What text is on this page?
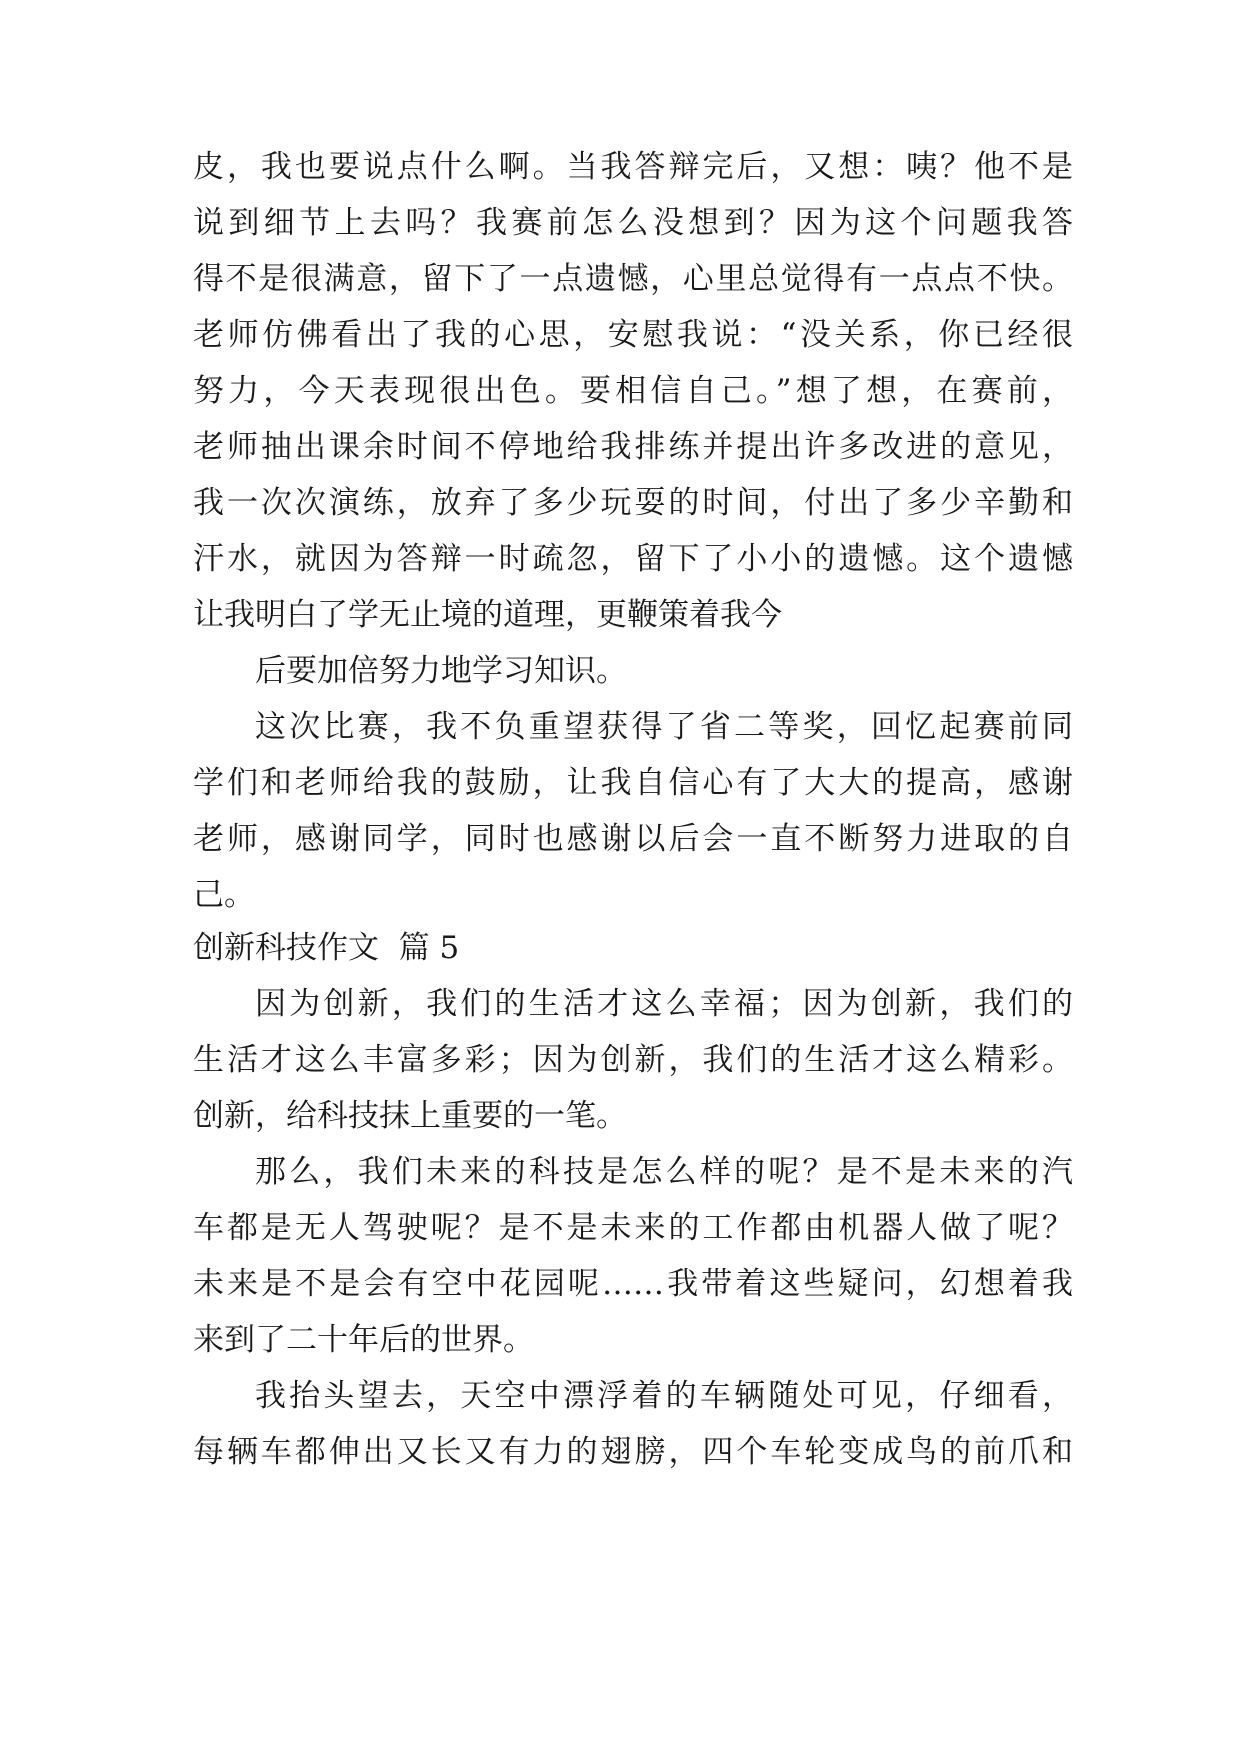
皮，我也要说点什么啊。当我答辩完后，又想：咦？他不是
说到细节上去吗？我赛前怎么没想到？因为这个问题我答
得不是很满意，留下了一点遗憾，心里总觉得有一点点不快。
老师仿佛看出了我的心思，安慰我说：“没关系，你已经很
努力，今天表现很出色。要相信自己。”想了想，在赛前，
老师抽出课余时间不停地给我排练并提出许多改进的意见，
我一次次演练，放弃了多少玩耍的时间，付出了多少辛勤和
汗水，就因为答辩一时疏忽，留下了小小的遗憾。这个遗憾
让我明白了学无止境的道理，更鞭策着我今
后要加倍努力地学习知识。
这次比赛，我不负重望获得了省二等奖，回忆起赛前同
学们和老师给我的鼓励，让我自信心有了大大的提高，感谢
老师，感谢同学，同时也感谢以后会一直不断努力进取的自
己。
创新科技作文  篇 5
因为创新，我们的生活才这么幸福；因为创新，我们的
生活才这么丰富多彩；因为创新，我们的生活才这么精彩。
创新，给科技抹上重要的一笔。
那么，我们未来的科技是怎么样的呢？是不是未来的汽
车都是无人驾驶呢？是不是未来的工作都由机器人做了呢？
未来是不是会有空中花园呢……我带着这些疑问，幻想着我
来到了二十年后的世界。
我抬头望去，天空中漂浮着的车辆随处可见，仔细看，
每辆车都伸出又长又有力的翅膀，四个车轮变成鸟的前爪和
